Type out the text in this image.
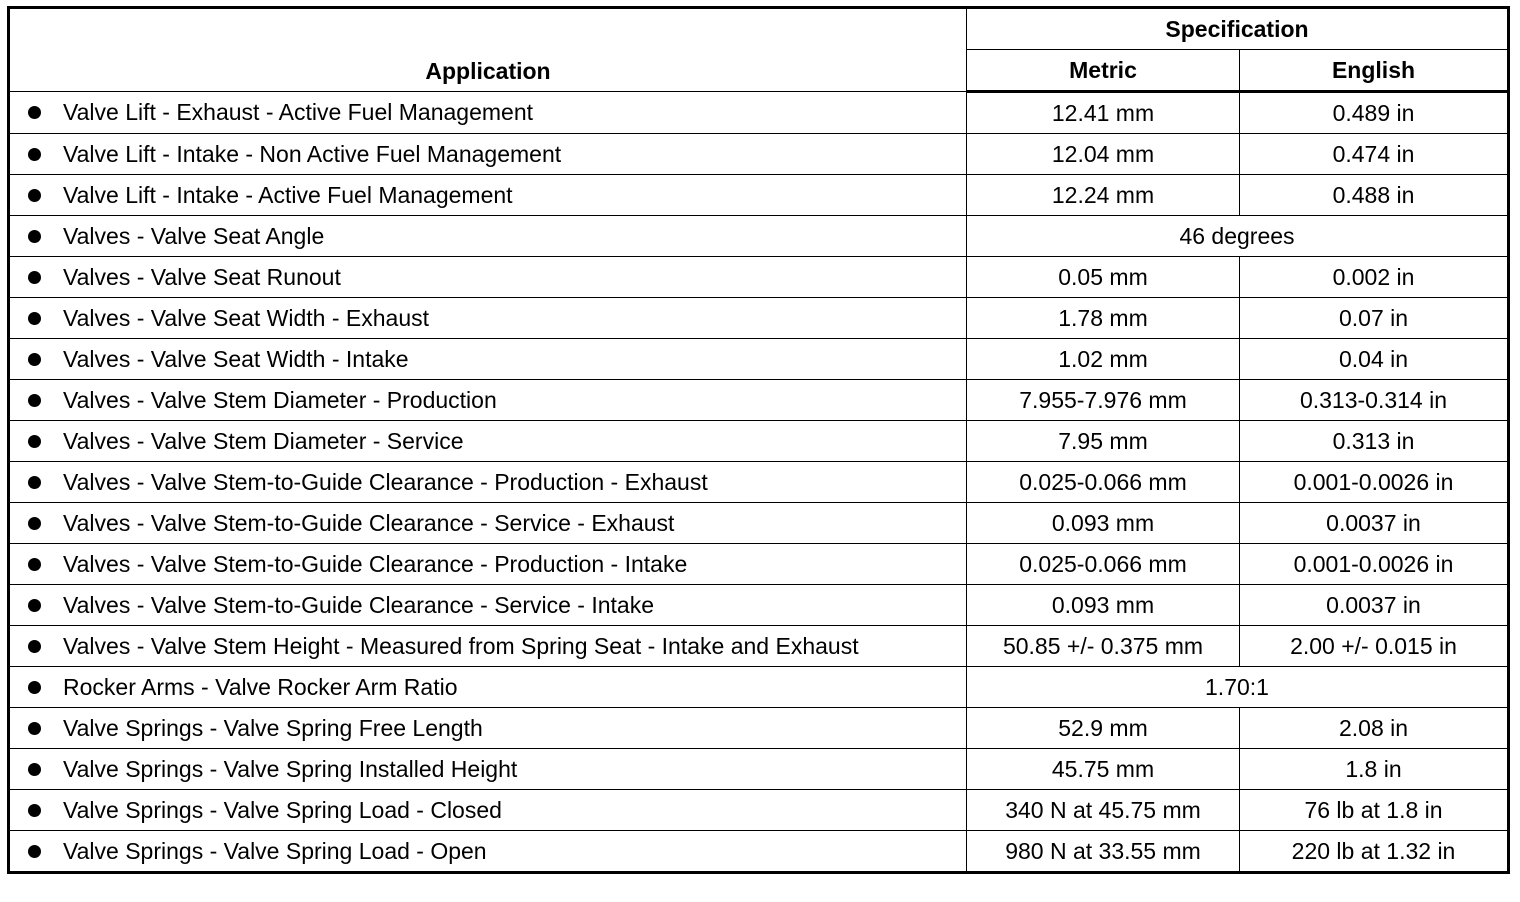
Application	Specification	
	Metric	English
Valve Lift - Exhaust - Active Fuel Management	12.41 mm	0.489 in
Valve Lift - Intake - Non Active Fuel Management	12.04 mm	0.474 in
Valve Lift - Intake - Active Fuel Management	12.24 mm	0.488 in
Valves - Valve Seat Angle	46 degrees	
Valves - Valve Seat Runout	0.05 mm	0.002 in
Valves - Valve Seat Width - Exhaust	1.78 mm	0.07 in
Valves - Valve Seat Width - Intake	1.02 mm	0.04 in
Valves - Valve Stem Diameter - Production	7.955-7.976 mm	0.313-0.314 in
Valves - Valve Stem Diameter - Service	7.95 mm	0.313 in
Valves - Valve Stem-to-Guide Clearance - Production - Exhaust	0.025-0.066 mm	0.001-0.0026 in
Valves - Valve Stem-to-Guide Clearance - Service - Exhaust	0.093 mm	0.0037 in
Valves - Valve Stem-to-Guide Clearance - Production - Intake	0.025-0.066 mm	0.001-0.0026 in
Valves - Valve Stem-to-Guide Clearance - Service - Intake	0.093 mm	0.0037 in
Valves - Valve Stem Height - Measured from Spring Seat - Intake and Exhaust	50.85 +/- 0.375 mm	2.00 +/- 0.015 in
Rocker Arms - Valve Rocker Arm Ratio	1.70:1	
Valve Springs - Valve Spring Free Length	52.9 mm	2.08 in
Valve Springs - Valve Spring Installed Height	45.75 mm	1.8 in
Valve Springs - Valve Spring Load - Closed	340 N at 45.75 mm	76 lb at 1.8 in
Valve Springs - Valve Spring Load - Open	980 N at 33.55 mm	220 lb at 1.32 in
